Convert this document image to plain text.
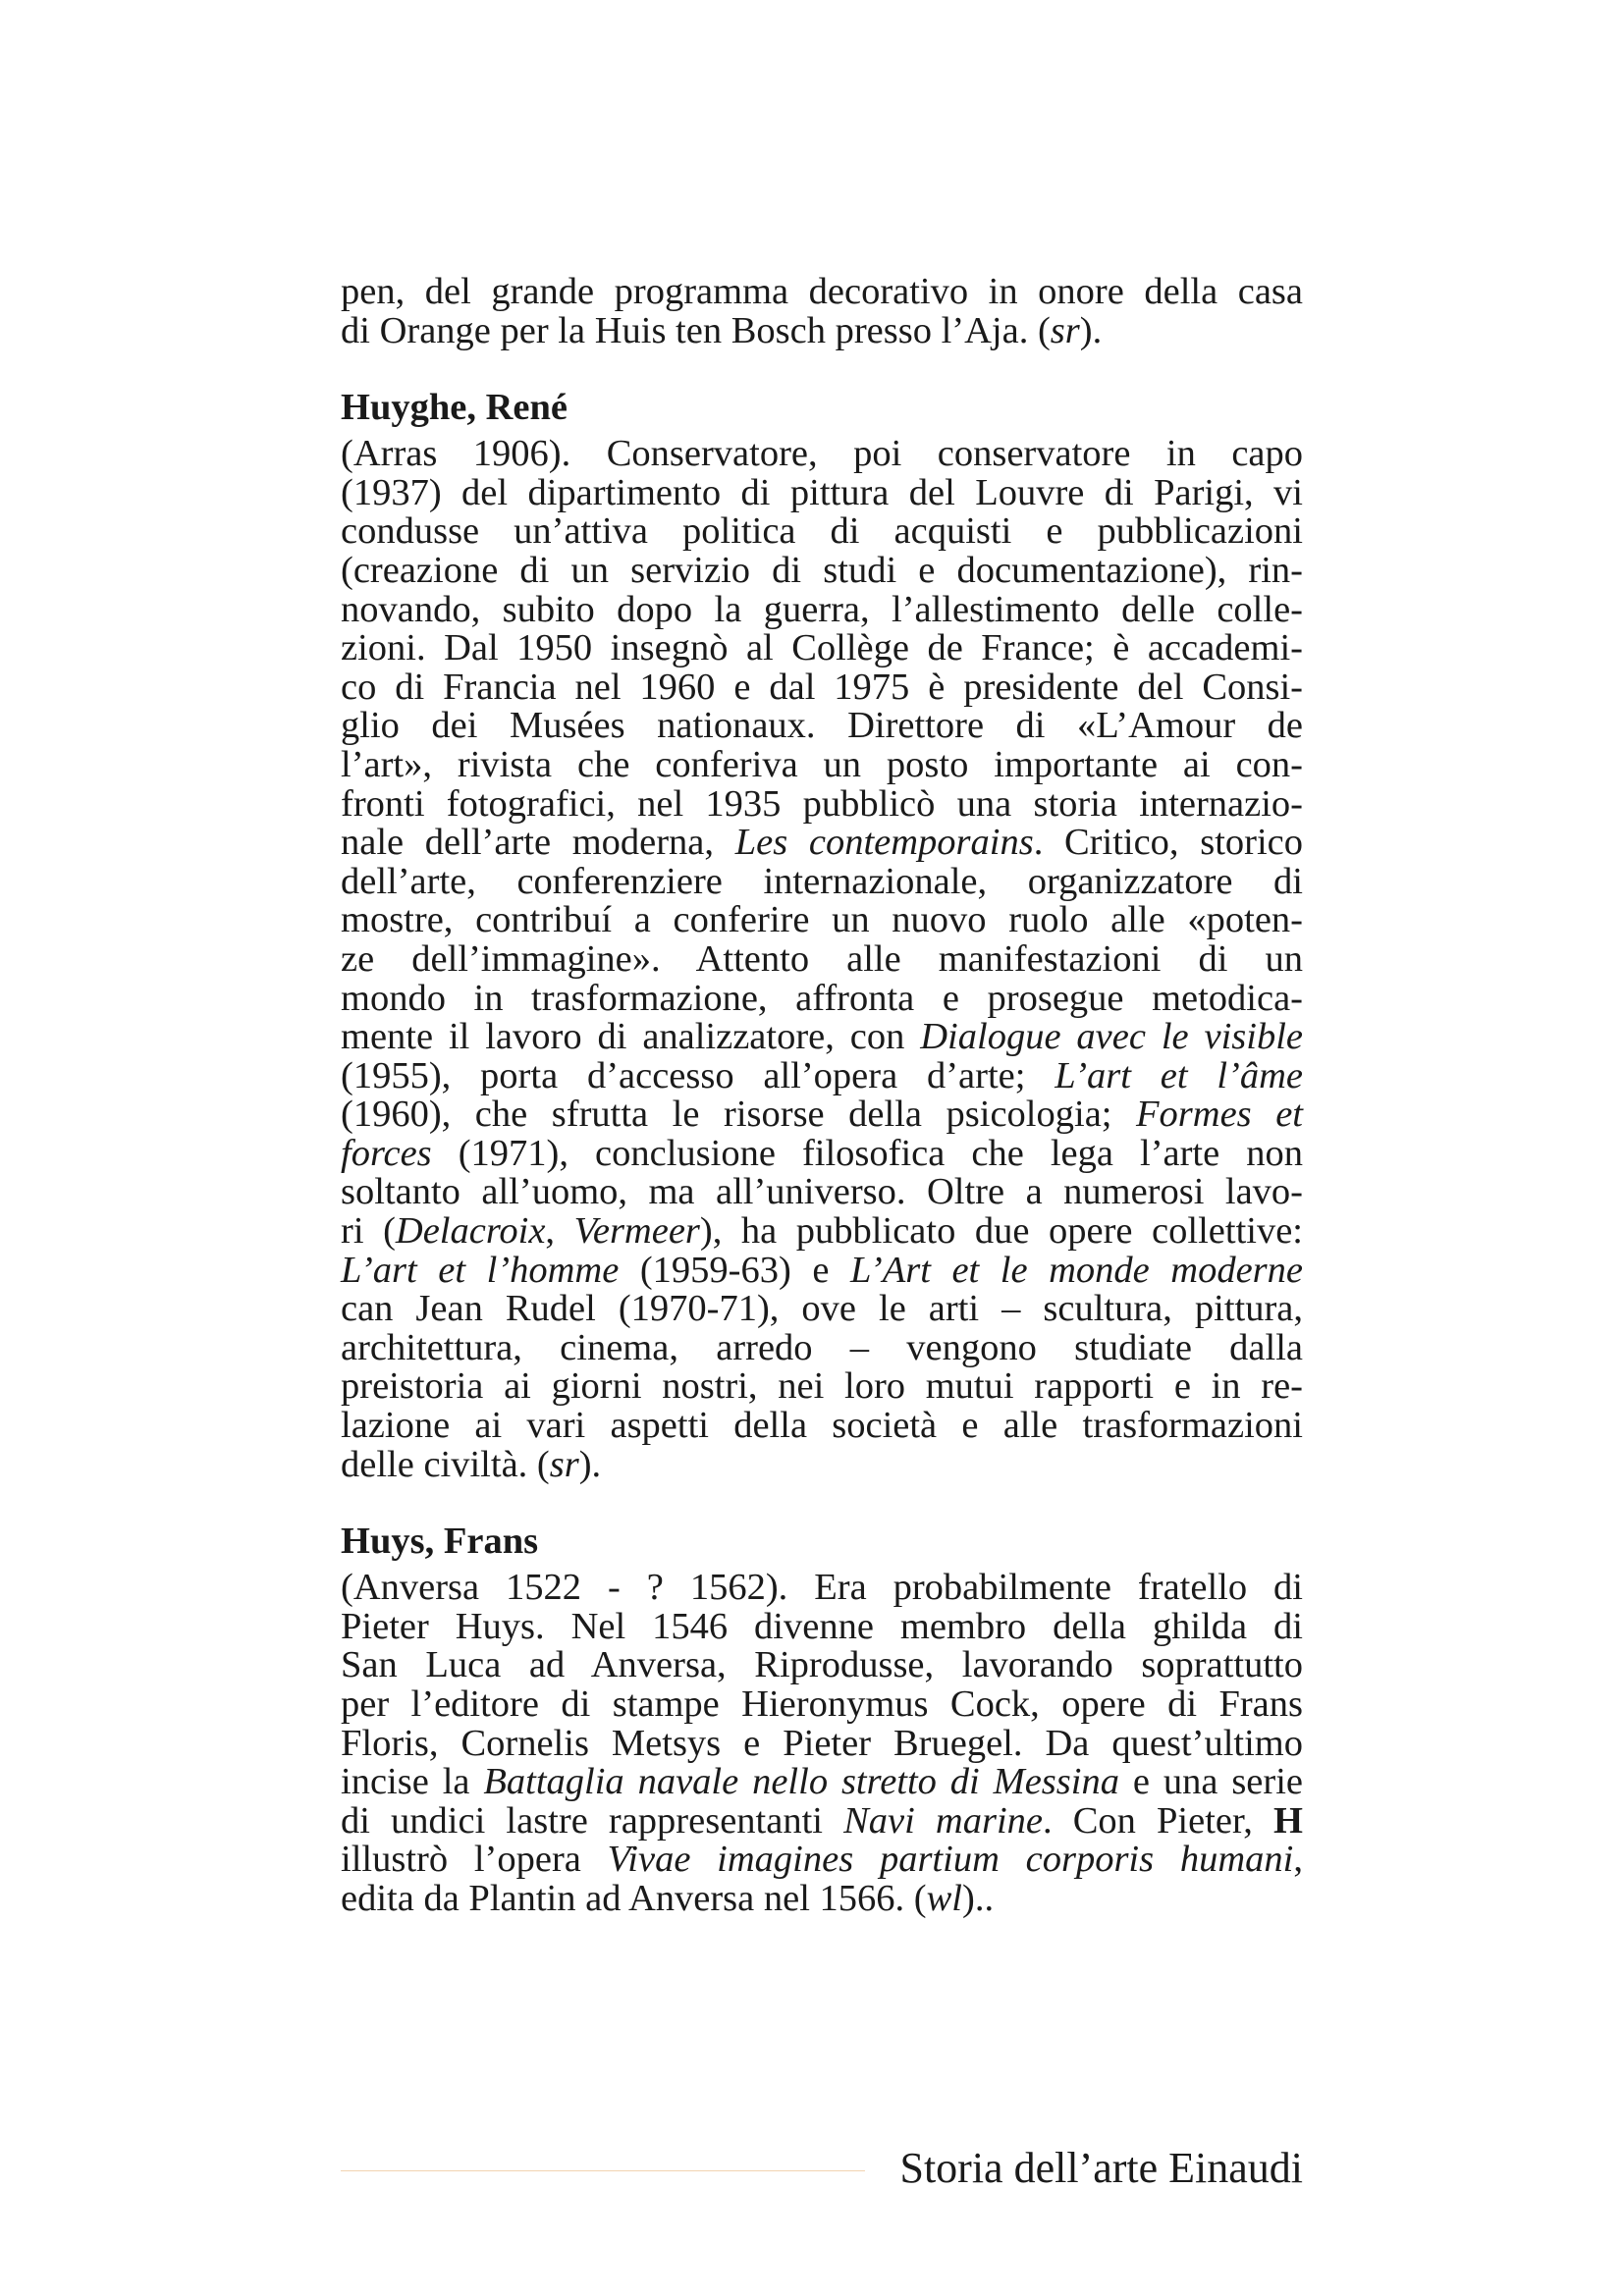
pen, del grande programma decorativo in onore della casa
di Orange per la Huis ten Bosch presso l’Aja. (sr).
Huyghe, René
(Arras 1906). Conservatore, poi conservatore in capo
(1937) del dipartimento di pittura del Louvre di Parigi, vi
condusse un’attiva politica di acquisti e pubblicazioni
(creazione di un servizio di studi e documentazione), rin-
novando, subito dopo la guerra, l’allestimento delle colle-
zioni. Dal 1950 insegnò al Collège de France; è accademi-
co di Francia nel 1960 e dal 1975 è presidente del Consi-
glio dei Musées nationaux. Direttore di «L’Amour de
l’art», rivista che conferiva un posto importante ai con-
fronti fotografici, nel 1935 pubblicò una storia internazio-
nale dell’arte moderna, Les contemporains. Critico, storico
dell’arte, conferenziere internazionale, organizzatore di
mostre, contribuí a conferire un nuovo ruolo alle «poten-
ze dell’immagine». Attento alle manifestazioni di un
mondo in trasformazione, affronta e prosegue metodica-
mente il lavoro di analizzatore, con Dialogue avec le visible
(1955), porta d’accesso all’opera d’arte; L’art et l’âme
(1960), che sfrutta le risorse della psicologia; Formes et
forces (1971), conclusione filosofica che lega l’arte non
soltanto all’uomo, ma all’universo. Oltre a numerosi lavo-
ri (Delacroix, Vermeer), ha pubblicato due opere collettive:
L’art et l’homme (1959-63) e L’Art et le monde moderne
can Jean Rudel (1970-71), ove le arti – scultura, pittura,
architettura, cinema, arredo – vengono studiate dalla
preistoria ai giorni nostri, nei loro mutui rapporti e in re-
lazione ai vari aspetti della società e alle trasformazioni
delle civiltà. (sr).
Huys, Frans
(Anversa 1522 - ? 1562). Era probabilmente fratello di
Pieter Huys. Nel 1546 divenne membro della ghilda di
San Luca ad Anversa, Riprodusse, lavorando soprattutto
per l’editore di stampe Hieronymus Cock, opere di Frans
Floris, Cornelis Metsys e Pieter Bruegel. Da quest’ultimo
incise la Battaglia navale nello stretto di Messina e una serie
di undici lastre rappresentanti Navi marine. Con Pieter, H
illustrò l’opera Vivae imagines partium corporis humani,
edita da Plantin ad Anversa nel 1566. (wl)..
Storia dell’arte Einaudi
